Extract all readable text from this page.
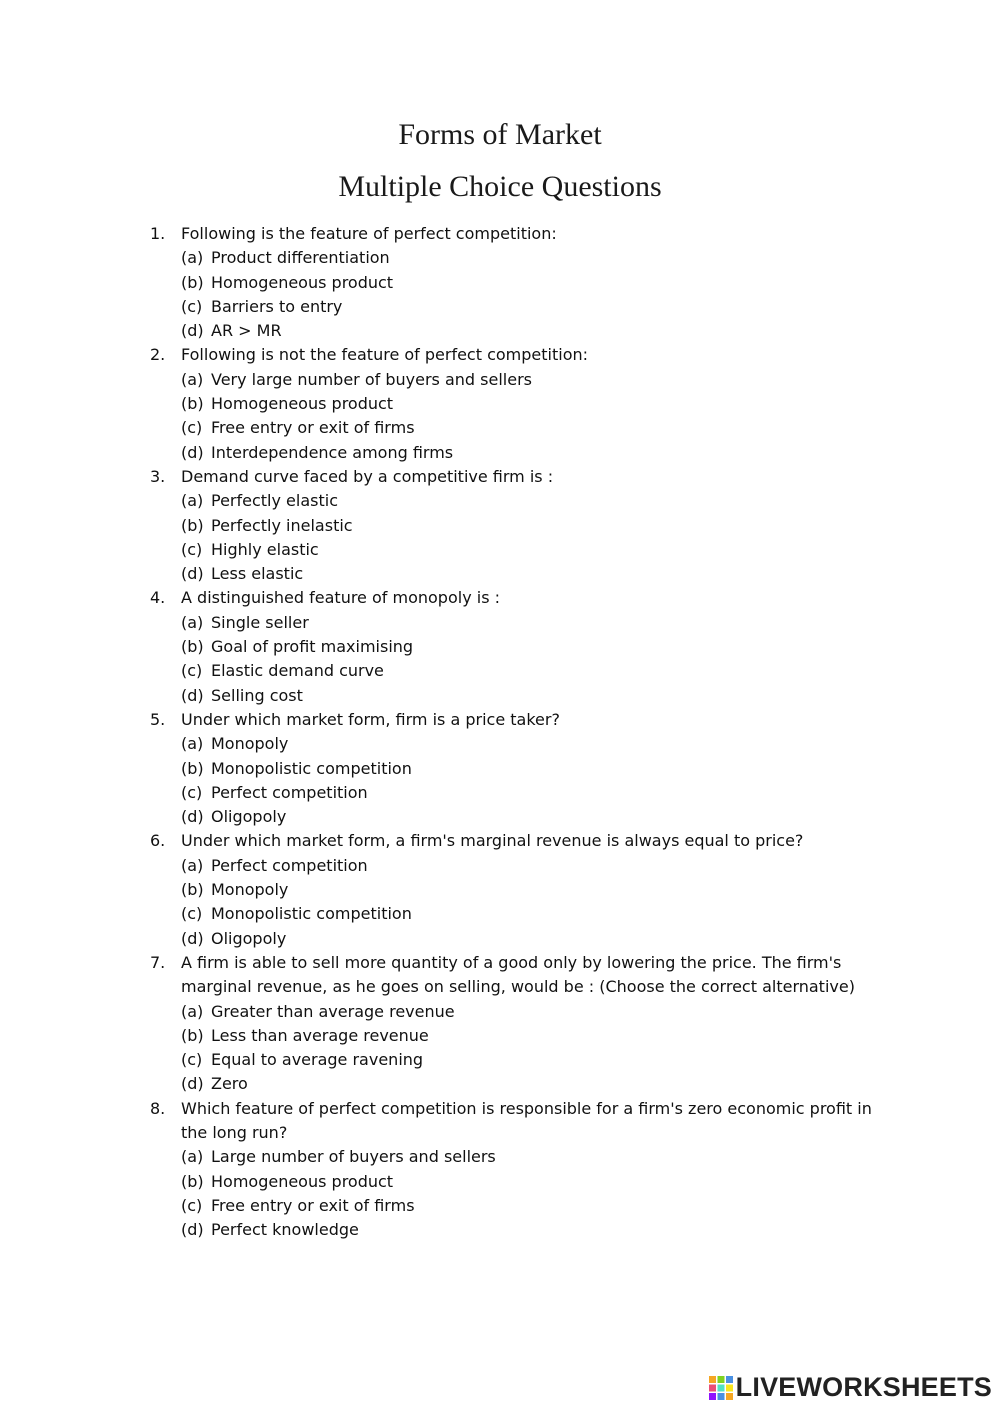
Forms of Market
Multiple Choice Questions
1. Following is the feature of perfect competition:
(a) Product differentiation
(b) Homogeneous product
(c) Barriers to entry
(d) AR > MR
2. Following is not the feature of perfect competition:
(a) Very large number of buyers and sellers
(b) Homogeneous product
(c) Free entry or exit of firms
(d) Interdependence among firms
3. Demand curve faced by a competitive firm is :
(a) Perfectly elastic
(b) Perfectly inelastic
(c) Highly elastic
(d) Less elastic
4. A distinguished feature of monopoly is :
(a) Single seller
(b) Goal of profit maximising
(c) Elastic demand curve
(d) Selling cost
5. Under which market form, firm is a price taker?
(a) Monopoly
(b) Monopolistic competition
(c) Perfect competition
(d) Oligopoly
6. Under which market form, a firm's marginal revenue is always equal to price?
(a) Perfect competition
(b) Monopoly
(c) Monopolistic competition
(d) Oligopoly
7. A firm is able to sell more quantity of a good only by lowering the price. The firm's marginal revenue, as he goes on selling, would be : (Choose the correct alternative)
(a) Greater than average revenue
(b) Less than average revenue
(c) Equal to average ravening
(d) Zero
8. Which feature of perfect competition is responsible for a firm's zero economic profit in the long run?
(a) Large number of buyers and sellers
(b) Homogeneous product
(c) Free entry or exit of firms
(d) Perfect knowledge
LIVEWORKSHEETS
